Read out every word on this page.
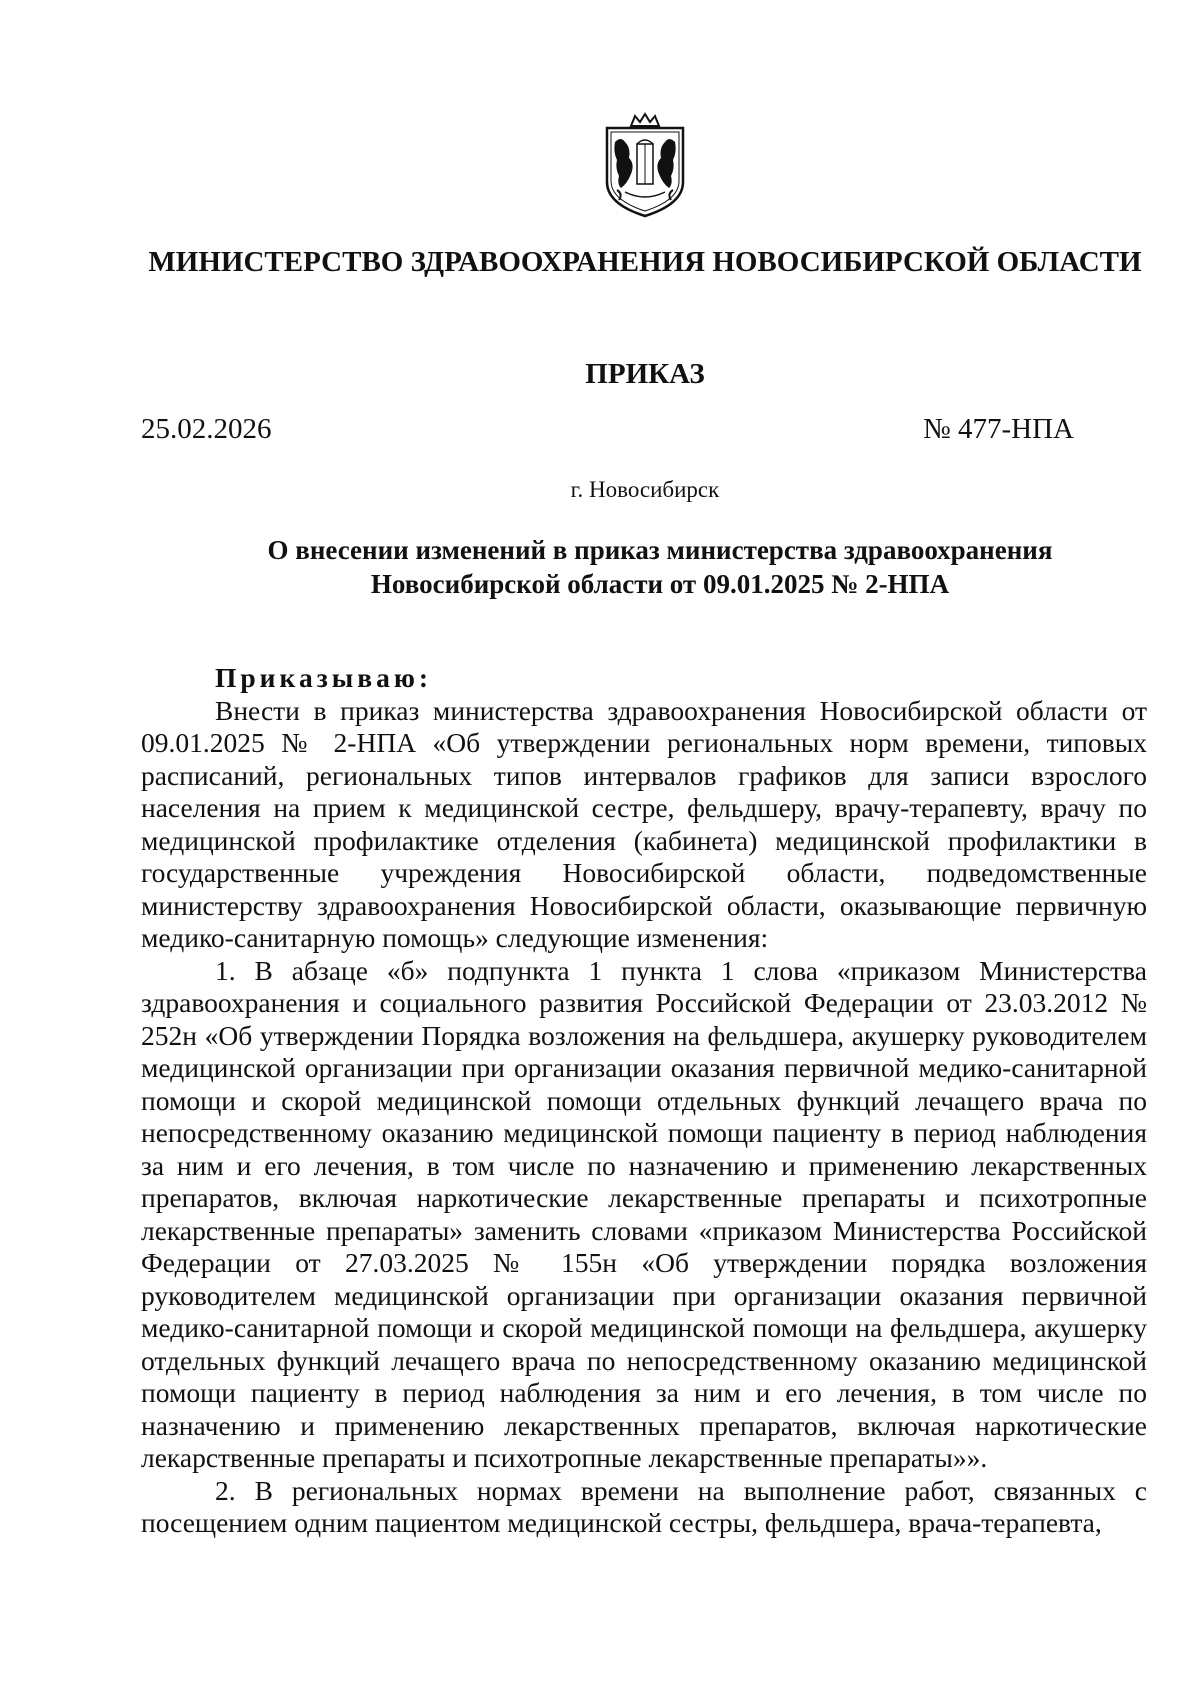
МИНИСТЕРСТВО ЗДРАВООХРАНЕНИЯ НОВОСИБИРСКОЙ ОБЛАСТИ
ПРИКАЗ
25.02.2026	№ 477-НПА
г. Новосибирск
О внесении изменений в приказ министерства здравоохранения
Новосибирской области от 09.01.2025 № 2-НПА
Приказываю:

Внести в приказ министерства здравоохранения Новосибирской области от 09.01.2025 № 2-НПА «Об утверждении региональных норм времени, типовых расписаний, региональных типов интервалов графиков для записи взрослого населения на прием к медицинской сестре, фельдшеру, врачу-терапевту, врачу по медицинской профилактике отделения (кабинета) медицинской профилактики в государственные учреждения Новосибирской области, подведомственные министерству здравоохранения Новосибирской области, оказывающие первичную медико-санитарную помощь» следующие изменения:

1. В абзаце «б» подпункта 1 пункта 1 слова «приказом Министерства здравоохранения и социального развития Российской Федерации от 23.03.2012 № 252н «Об утверждении Порядка возложения на фельдшера, акушерку руководителем медицинской организации при организации оказания первичной медико-санитарной помощи и скорой медицинской помощи отдельных функций лечащего врача по непосредственному оказанию медицинской помощи пациенту в период наблюдения за ним и его лечения, в том числе по назначению и применению лекарственных препаратов, включая наркотические лекарственные препараты и психотропные лекарственные препараты» заменить словами «приказом Министерства Российской Федерации от 27.03.2025 № 155н «Об утверждении порядка возложения руководителем медицинской организации при организации оказания первичной медико-санитарной помощи и скорой медицинской помощи на фельдшера, акушерку отдельных функций лечащего врача по непосредственному оказанию медицинской помощи пациенту в период наблюдения за ним и его лечения, в том числе по назначению и применению лекарственных препаратов, включая наркотические лекарственные препараты и психотропные лекарственные препараты»».

2. В региональных нормах времени на выполнение работ, связанных с посещением одним пациентом медицинской сестры, фельдшера, врача-терапевта,
